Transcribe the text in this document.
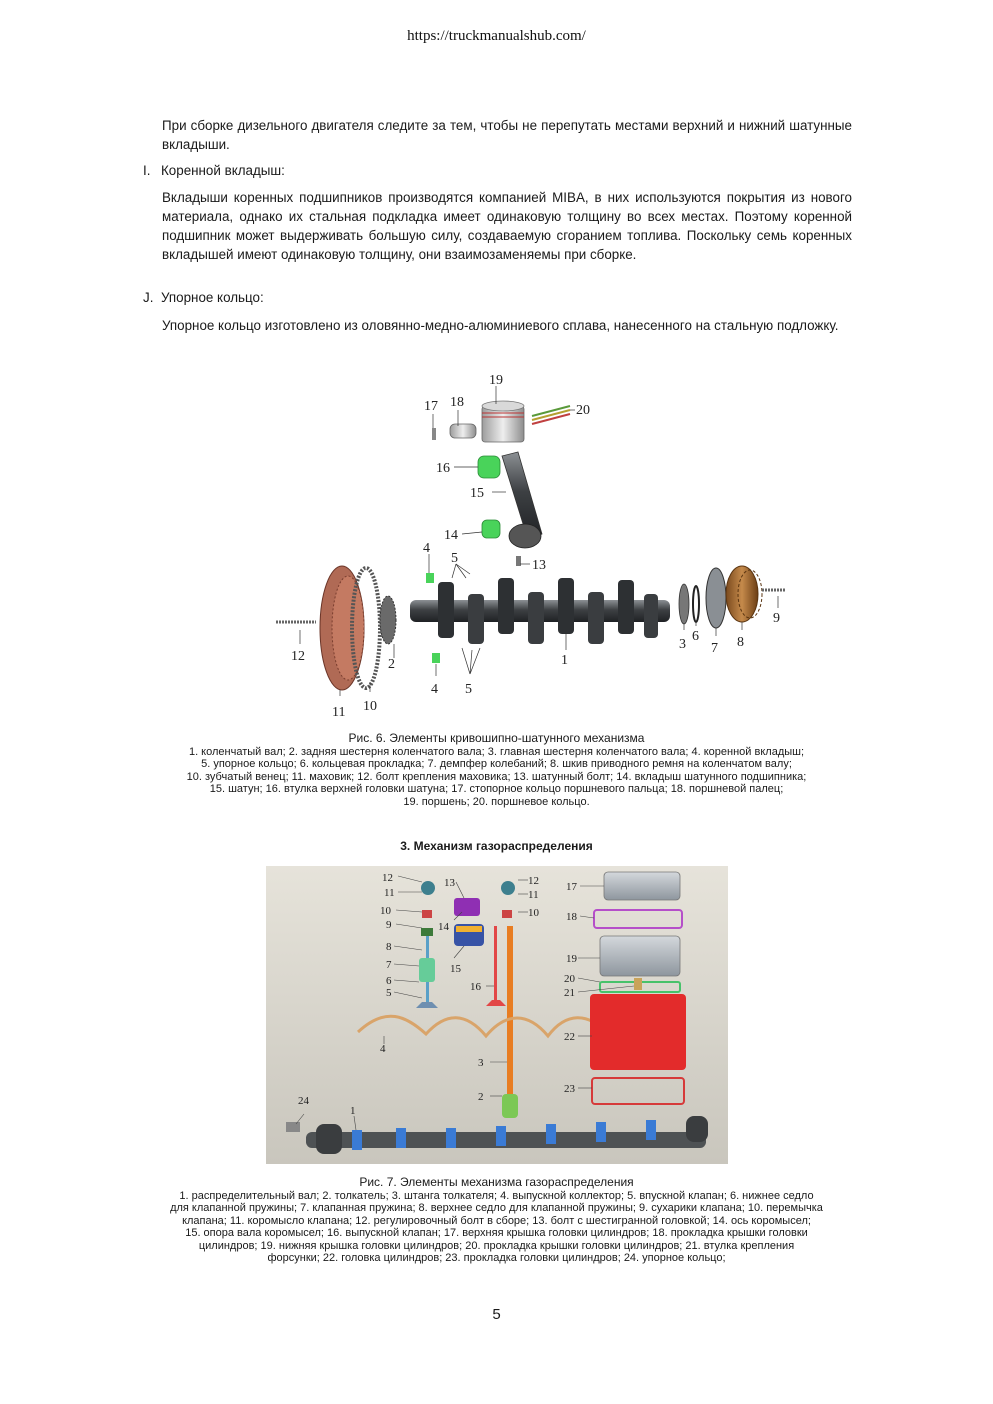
https://truckmanualshub.com/

При сборке дизельного двигателя следите за тем, чтобы не перепутать местами верхний и нижний шатунные вкладыши.

I. Коренной вкладыш:

Вкладыши коренных подшипников производятся компанией MIBA, в них используются покрытия из нового материала, однако их стальная подкладка имеет одинаковую толщину во всех местах. Поэтому коренной подшипник может выдерживать большую силу, создаваемую сгоранием топлива. Поскольку семь коренных вкладышей имеют одинаковую толщину, они взаимозаменяемы при сборке.

J. Упорное кольцо:

Упорное кольцо изготовлено из оловянно-медно-алюминиевого сплава, нанесенного на стальную подложку.

19
17 18
20
16
15
14
4
5	13
12
2	1
3
6
7 8
9
4 5
11 10
Рис. 6. Элементы кривошипно-шатунного механизма
1. коленчатый вал; 2. задняя шестерня коленчатого вала; 3. главная шестерня коленчатого вала; 4. коренной вкладыш;
5. упорное кольцо; 6. кольцевая прокладка; 7. демпфер колебаний; 8. шкив приводного ремня на коленчатом валу;
10. зубчатый венец; 11. маховик; 12. болт крепления маховика; 13. шатунный болт; 14. вкладыш шатунного подшипника;
15. шатун; 16. втулка верхней головки шатуна; 17. стопорное кольцо поршневого пальца; 18. поршневой палец;
19. поршень; 20. поршневое кольцо.
3. Механизм газораспределения
12
11
10
9
8
7
6
5
13
14
15
16
12
11
10
4
3
2
24
1
17
18
19
20
21
22
23
Рис. 7. Элементы механизма газораспределения
1. распределительный вал; 2. толкатель; 3. штанга толкателя; 4. выпускной коллектор; 5. впускной клапан; 6. нижнее седло
для клапанной пружины; 7. клапанная пружина; 8. верхнее седло для клапанной пружины; 9. сухарики клапана; 10. перемычка
клапана; 11. коромысло клапана; 12. регулировочный болт в сборе; 13. болт с шестигранной головкой; 14. ось коромысел;
15. опора вала коромысел; 16. выпускной клапан; 17. верхняя крышка головки цилиндров; 18. прокладка крышки головки
цилиндров; 19. нижняя крышка головки цилиндров; 20. прокладка крышки головки цилиндров; 21. втулка крепления
форсунки; 22. головка цилиндров; 23. прокладка головки цилиндров; 24. упорное кольцо;
5
